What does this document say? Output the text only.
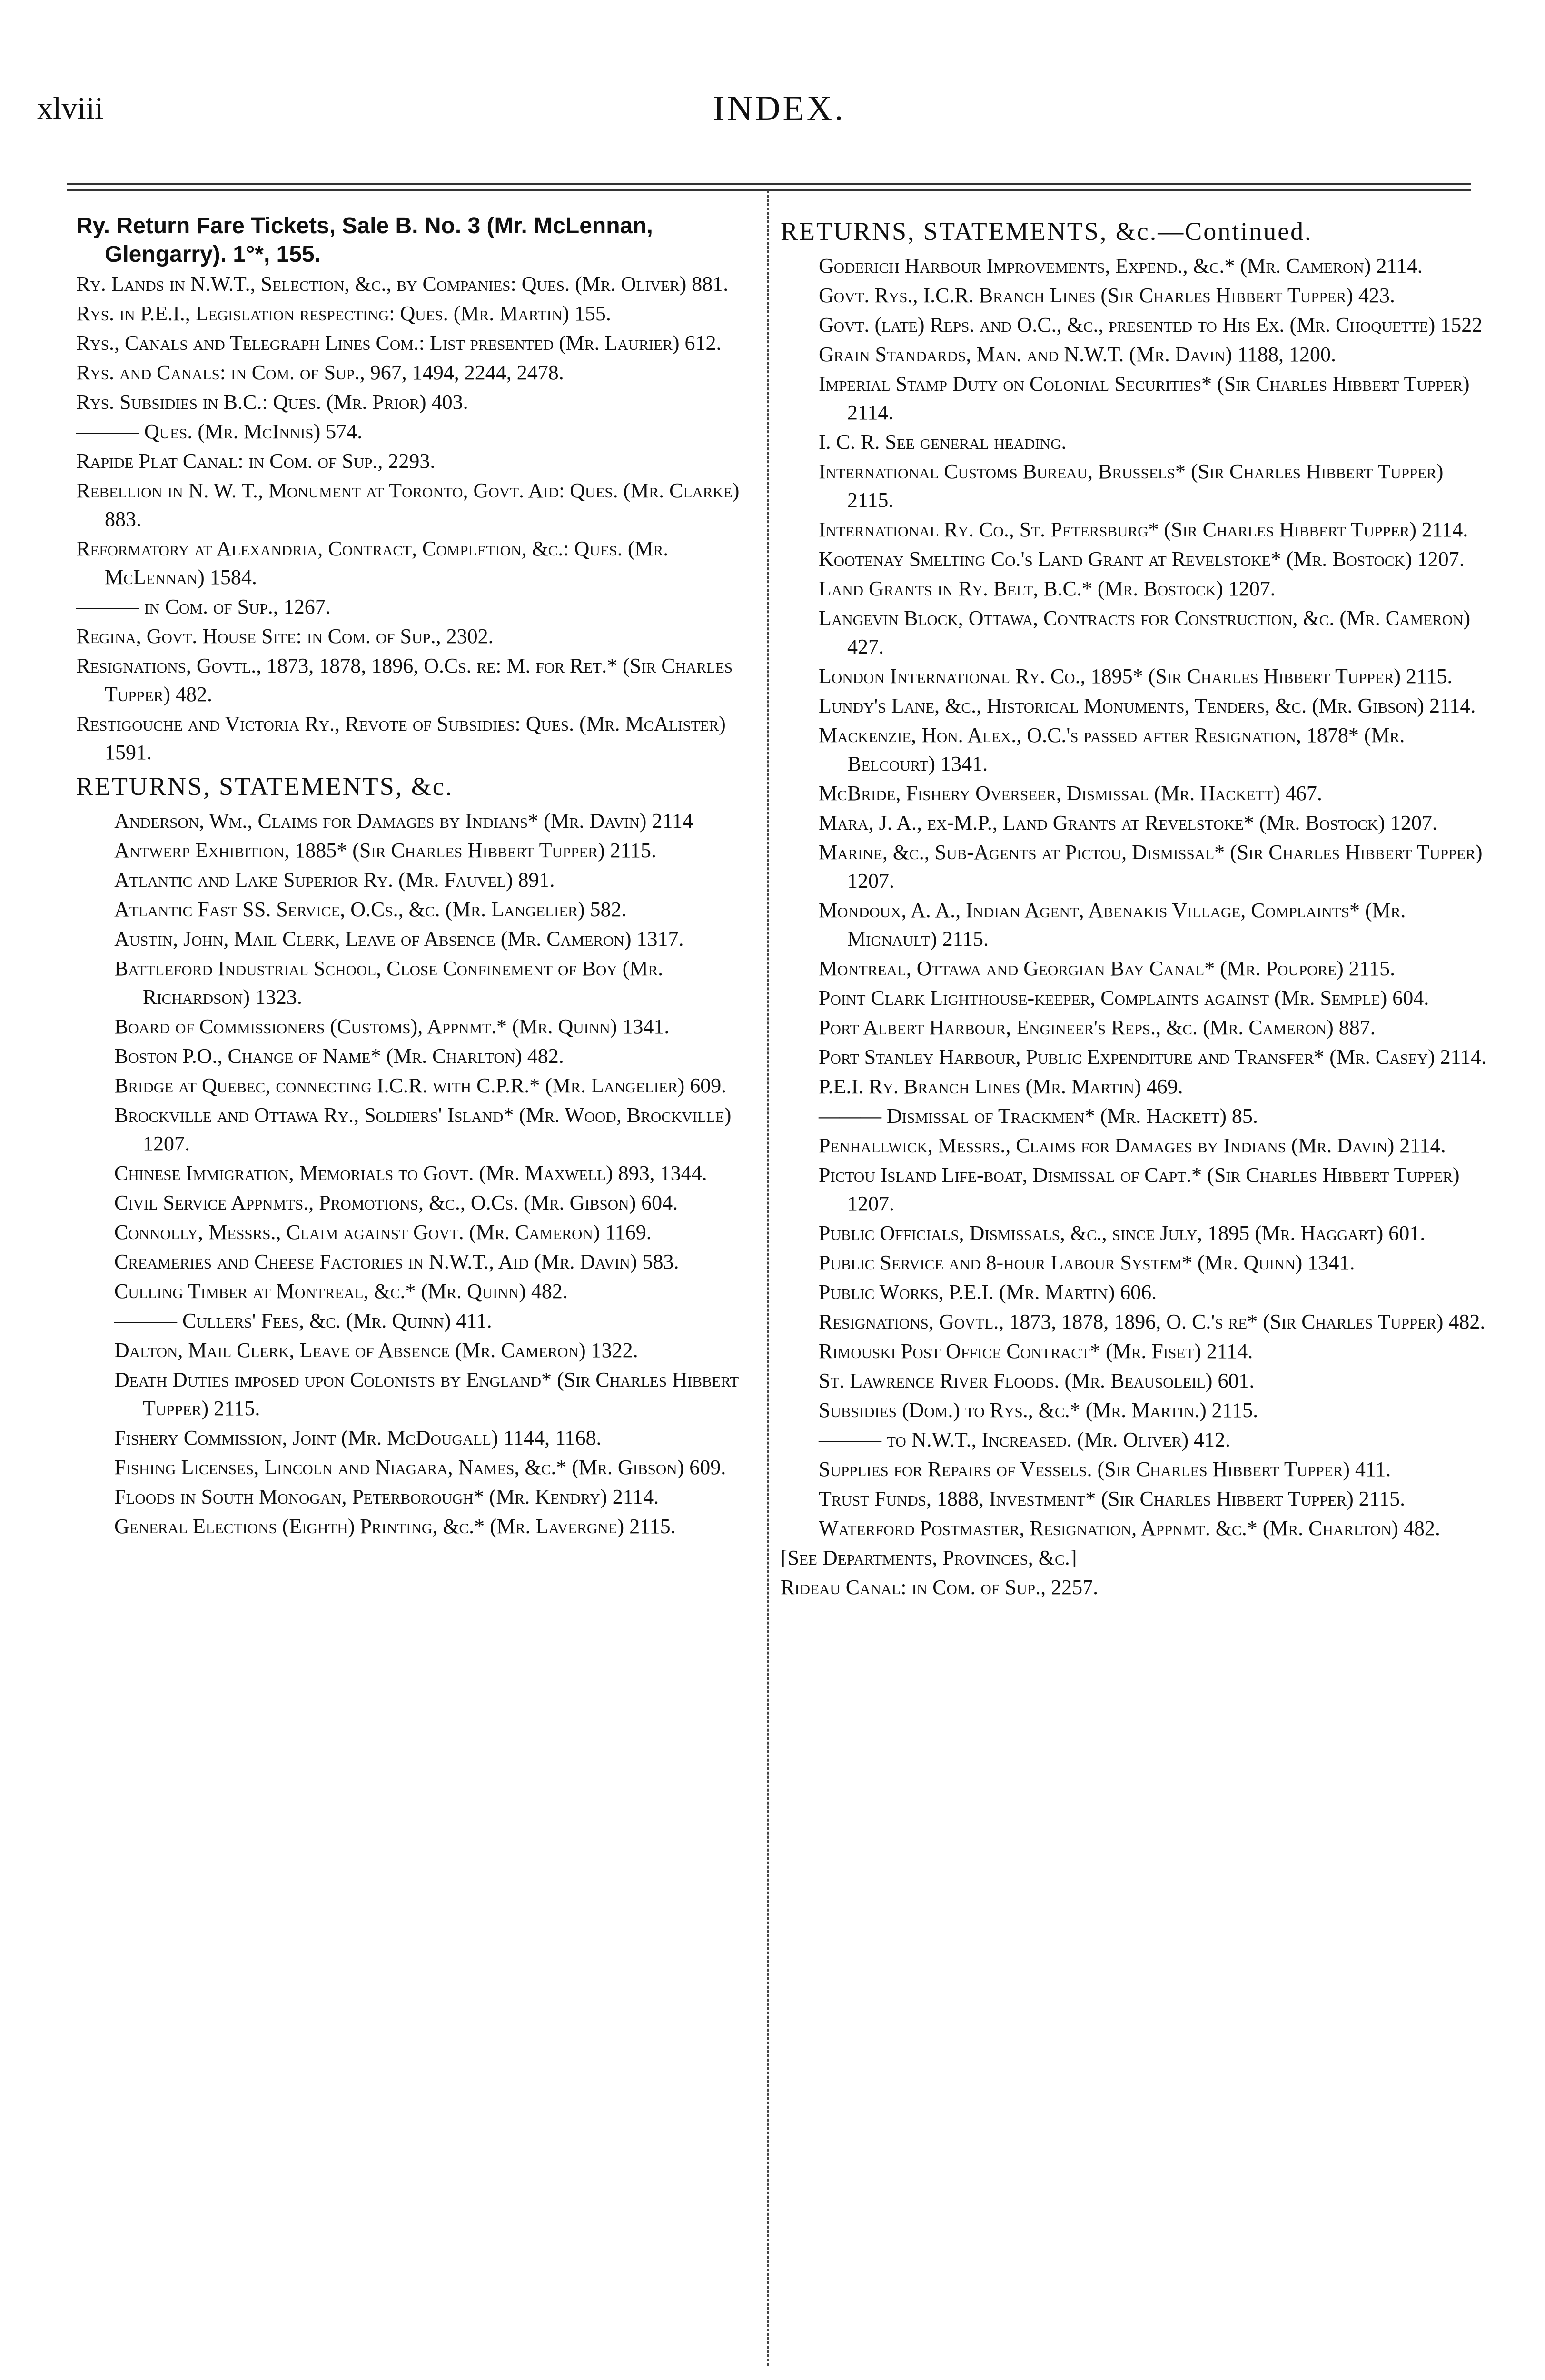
xlviii	INDEX.
Ry. Return Fare Tickets, Sale B. No. 3 (Mr. McLennan, Glengarry). 1°*, 155.
Ry. Lands in N.W.T., Selection, &c., by Companies: Ques. (Mr. Oliver) 881.
Rys. in P.E.I., Legislation respecting: Ques. (Mr. Martin) 155.
Rys., Canals and Telegraph Lines Com.: List presented (Mr. Laurier) 612.
Rys. and Canals: in Com. of Sup., 967, 1494, 2244, 2478.
Rys. Subsidies in B.C.: Ques. (Mr. Prior) 403.
——— Ques. (Mr. McInnis) 574.
Rapide Plat Canal: in Com. of Sup., 2293.
Rebellion in N. W. T., Monument at Toronto, Govt. Aid: Ques. (Mr. Clarke) 883.
Reformatory at Alexandria, Contract, Completion, &c.: Ques. (Mr. McLennan) 1584.
——— in Com. of Sup., 1267.
Regina, Govt. House Site: in Com. of Sup., 2302.
Resignations, Govtl., 1873, 1878, 1896, O.Cs. re: M. for Ret.* (Sir Charles Tupper) 482.
Restigouche and Victoria Ry., Revote of Subsidies: Ques. (Mr. McAlister) 1591.
RETURNS, STATEMENTS, &c.
Anderson, Wm., Claims for Damages by Indians* (Mr. Davin) 2114
Antwerp Exhibition, 1885* (Sir Charles Hibbert Tupper) 2115.
Atlantic and Lake Superior Ry. (Mr. Fauvel) 891.
Atlantic Fast SS. Service, O.Cs., &c. (Mr. Langelier) 582.
Austin, John, Mail Clerk, Leave of Absence (Mr. Cameron) 1317.
Battleford Industrial School, Close Confinement of Boy (Mr. Richardson) 1323.
Board of Commissioners (Customs), Appnmt.* (Mr. Quinn) 1341.
Boston P.O., Change of Name* (Mr. Charlton) 482.
Bridge at Quebec, connecting I.C.R. with C.P.R.* (Mr. Langelier) 609.
Brockville and Ottawa Ry., Soldiers' Island* (Mr. Wood, Brockville) 1207.
Chinese Immigration, Memorials to Govt. (Mr. Maxwell) 893, 1344.
Civil Service Appnmts., Promotions, &c., O.Cs. (Mr. Gibson) 604.
Connolly, Messrs., Claim against Govt. (Mr. Cameron) 1169.
Creameries and Cheese Factories in N.W.T., Aid (Mr. Davin) 583.
Culling Timber at Montreal, &c.* (Mr. Quinn) 482.
——— Cullers' Fees, &c. (Mr. Quinn) 411.
Dalton, Mail Clerk, Leave of Absence (Mr. Cameron) 1322.
Death Duties imposed upon Colonists by England* (Sir Charles Hibbert Tupper) 2115.
Fishery Commission, Joint (Mr. McDougall) 1144, 1168.
Fishing Licenses, Lincoln and Niagara, Names, &c.* (Mr. Gibson) 609.
Floods in South Monogan, Peterborough* (Mr. Kendry) 2114.
General Elections (Eighth) Printing, &c.* (Mr. Lavergne) 2115.
RETURNS, STATEMENTS, &c.—Continued.
Goderich Harbour Improvements, Expend., &c.* (Mr. Cameron) 2114.
Govt. Rys., I.C.R. Branch Lines (Sir Charles Hibbert Tupper) 423.
Govt. (late) Reps. and O.C., &c., presented to His Ex. (Mr. Choquette) 1522
Grain Standards, Man. and N.W.T. (Mr. Davin) 1188, 1200.
Imperial Stamp Duty on Colonial Securities* (Sir Charles Hibbert Tupper) 2114.
I. C. R. See general heading.
International Customs Bureau, Brussels* (Sir Charles Hibbert Tupper) 2115.
International Ry. Co., St. Petersburg* (Sir Charles Hibbert Tupper) 2114.
Kootenay Smelting Co.'s Land Grant at Revelstoke* (Mr. Bostock) 1207.
Land Grants in Ry. Belt, B.C.* (Mr. Bostock) 1207.
Langevin Block, Ottawa, Contracts for Construction, &c. (Mr. Cameron) 427.
London International Ry. Co., 1895* (Sir Charles Hibbert Tupper) 2115.
Lundy's Lane, &c., Historical Monuments, Tenders, &c. (Mr. Gibson) 2114.
Mackenzie, Hon. Alex., O.C.'s passed after Resignation, 1878* (Mr. Belcourt) 1341.
McBride, Fishery Overseer, Dismissal (Mr. Hackett) 467.
Mara, J. A., ex-M.P., Land Grants at Revelstoke* (Mr. Bostock) 1207.
Marine, &c., Sub-Agents at Pictou, Dismissal* (Sir Charles Hibbert Tupper) 1207.
Mondoux, A. A., Indian Agent, Abenakis Village, Complaints* (Mr. Mignault) 2115.
Montreal, Ottawa and Georgian Bay Canal* (Mr. Poupore) 2115.
Point Clark Lighthouse-keeper, Complaints against (Mr. Semple) 604.
Port Albert Harbour, Engineer's Reps., &c. (Mr. Cameron) 887.
Port Stanley Harbour, Public Expenditure and Transfer* (Mr. Casey) 2114.
P.E.I. Ry. Branch Lines (Mr. Martin) 469.
——— Dismissal of Trackmen* (Mr. Hackett) 85.
Penhallwick, Messrs., Claims for Damages by Indians (Mr. Davin) 2114.
Pictou Island Life-boat, Dismissal of Capt.* (Sir Charles Hibbert Tupper) 1207.
Public Officials, Dismissals, &c., since July, 1895 (Mr. Haggart) 601.
Public Service and 8-hour Labour System* (Mr. Quinn) 1341.
Public Works, P.E.I. (Mr. Martin) 606.
Resignations, Govtl., 1873, 1878, 1896, O. C.'s re* (Sir Charles Tupper) 482.
Rimouski Post Office Contract* (Mr. Fiset) 2114.
St. Lawrence River Floods. (Mr. Beausoleil) 601.
Subsidies (Dom.) to Rys., &c.* (Mr. Martin.) 2115.
——— to N.W.T., Increased. (Mr. Oliver) 412.
Supplies for Repairs of Vessels. (Sir Charles Hibbert Tupper) 411.
Trust Funds, 1888, Investment* (Sir Charles Hibbert Tupper) 2115.
Waterford Postmaster, Resignation, Appnmt. &c.* (Mr. Charlton) 482.
[See Departments, Provinces, &c.]
Rideau Canal: in Com. of Sup., 2257.
